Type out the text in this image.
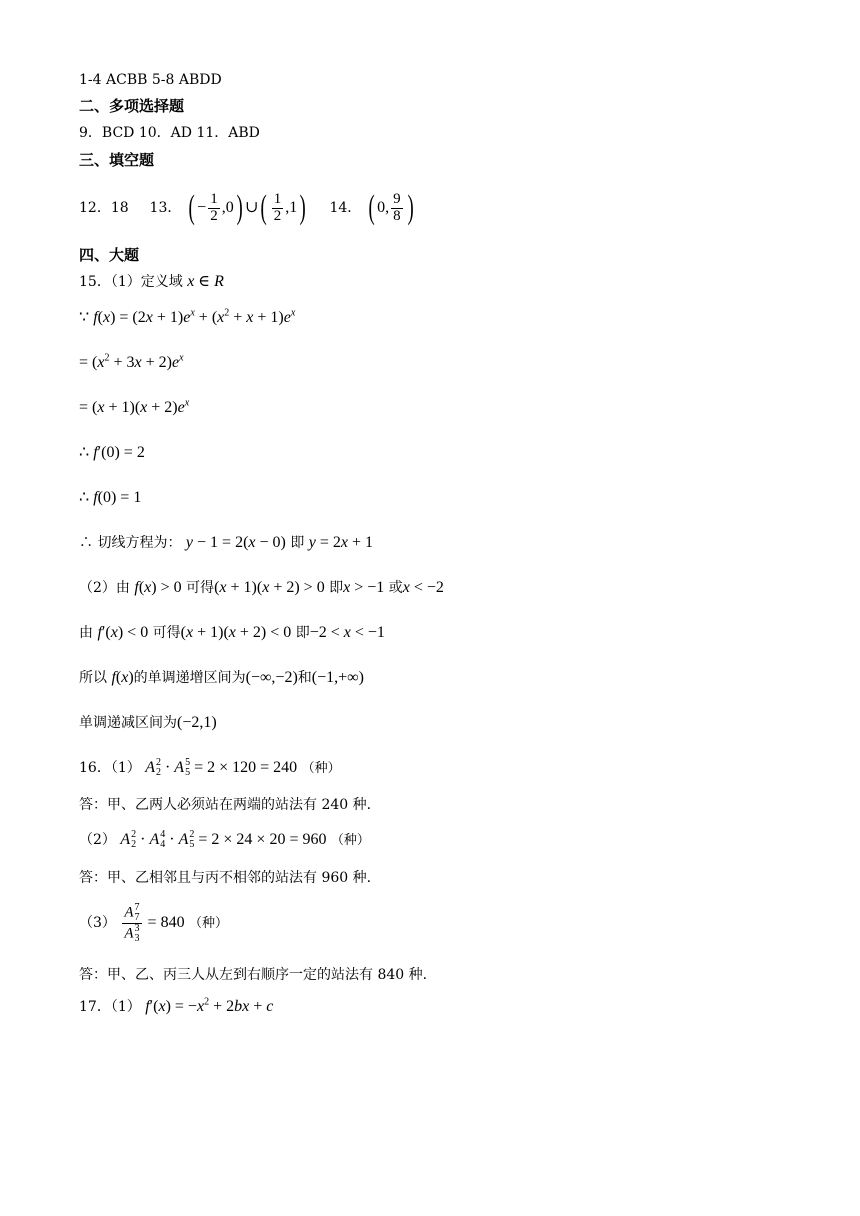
1-4 ACBB 5-8 ABDD
二、多项选择题
9．BCD 10．AD 11．ABD
三、填空题
12．18 13． ( − $\frac{1}{2} ,0$) ∪( $\frac{1}{2} ,1$) 14． ( 0, $\frac{9}{8}$ )
四、大题
15．（1）定义域 x ∈ R
∵ $f(x) = (2x + 1)e^x + (x^2 + x + 1)e^x$
= $(x^2 + 3x + 2)e^x$
= $(x + 1)(x + 2)e^x$
∴ f′(0) = 2
∴ f(0) = 1
∴ 切线方程为： y − 1 = 2(x − 0) 即 y = 2x + 1
（2）由 f(x) > 0 可得(x + 1)(x + 2) > 0 即x > −1 或x < −2
由 f′(x) < 0 可得(x + 1)(x + 2) < 0 即−2 < x < −1
所以 f(x)的单调递增区间为(−∞,−2)和(−1,+∞)
单调递减区间为(−2,1)
16．（1） A 2
2 · A 5
5 = 2 × 120 = 240 （种）
答：甲、乙两人必须站在两端的站法有 240 种.
（2） A 2
2 · A 4
4 · A 2
5 = 2 × 24 × 20 = 960 （种）
答：甲、乙相邻且与丙不相邻的站法有 960 种.
（3） A 7
7
A 3
3 = 840 （种）
答：甲、乙、丙三人从左到右顺序一定的站法有 840 种.
17．（1） $f'(x) = -x^2 + 2bx + c$
